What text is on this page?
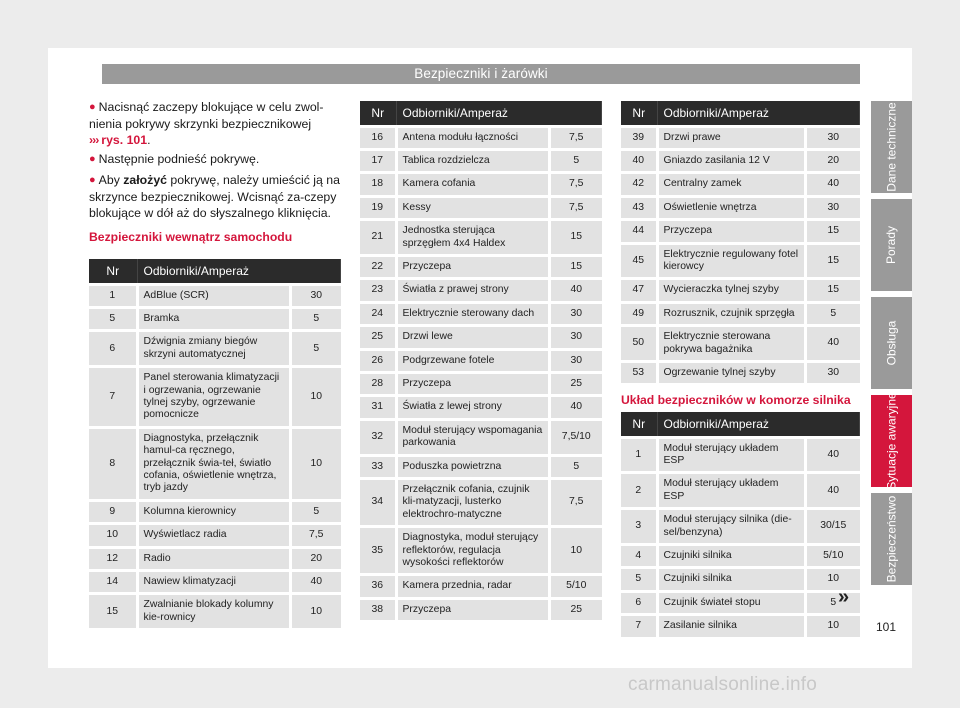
Bezpieczniki i żarówki

● Nacisnąć zaczepy blokujące w celu zwol-nienia pokrywy skrzynki bezpiecznikowej ››› rys. 101.

● Następnie podnieść pokrywę.

● Aby założyć pokrywę, należy umieścić ją na skrzynce bezpiecznikowej. Wcisnąć za-czepy blokujące w dół aż do słyszalnego kliknięcia.

Bezpieczniki wewnątrz samochodu

Nr	Odbiorniki/Amperaż	
1	AdBlue (SCR)	30
5	Bramka	5
6	Dźwignia zmiany biegów skrzyni automatycznej	5
7	Panel sterowania klimatyzacji i ogrzewania, ogrzewanie tylnej szyby, ogrzewanie pomocnicze	10
8	Diagnostyka, przełącznik hamul-ca ręcznego, przełącznik świa-teł, światło cofania, oświetlenie wnętrza, tryb jazdy	10
9	Kolumna kierownicy	5
10	Wyświetlacz radia	7,5
12	Radio	20
14	Nawiew klimatyzacji	40
15	Zwalnianie blokady kolumny kie-rownicy	10
Nr	Odbiorniki/Amperaż	
16	Antena modułu łączności	7,5
17	Tablica rozdzielcza	5
18	Kamera cofania	7,5
19	Kessy	7,5
21	Jednostka sterująca sprzęgłem 4x4 Haldex	15
22	Przyczepa	15
23	Światła z prawej strony	40
24	Elektrycznie sterowany dach	30
25	Drzwi lewe	30
26	Podgrzewane fotele	30
28	Przyczepa	25
31	Światła z lewej strony	40
32	Moduł sterujący wspomagania parkowania	7,5/10
33	Poduszka powietrzna	5
34	Przełącznik cofania, czujnik kli-matyzacji, lusterko elektrochro-matyczne	7,5
35	Diagnostyka, moduł sterujący reflektorów, regulacja wysokości reflektorów	10
36	Kamera przednia, radar	5/10
38	Przyczepa	25
Nr	Odbiorniki/Amperaż	
39	Drzwi prawe	30
40	Gniazdo zasilania 12 V	20
42	Centralny zamek	40
43	Oświetlenie wnętrza	30
44	Przyczepa	15
45	Elektrycznie regulowany fotel kierowcy	15
47	Wycieraczka tylnej szyby	15
49	Rozrusznik, czujnik sprzęgła	5
50	Elektrycznie sterowana pokrywa bagażnika	40
53	Ogrzewanie tylnej szyby	30
Układ bezpieczników w komorze silnika
Nr	Odbiorniki/Amperaż	
1	Moduł sterujący układem ESP	40
2	Moduł sterujący układem ESP	40
3	Moduł sterujący silnika (die-sel/benzyna)	30/15
4	Czujniki silnika	5/10
5	Czujniki silnika	10
6	Czujnik świateł stopu	5
7	Zasilanie silnika	10
Dane techniczne
Porady
Obsługa
Sytuacje awaryjne
Bezpieczeństwo
»
101
carmanualsonline.info
